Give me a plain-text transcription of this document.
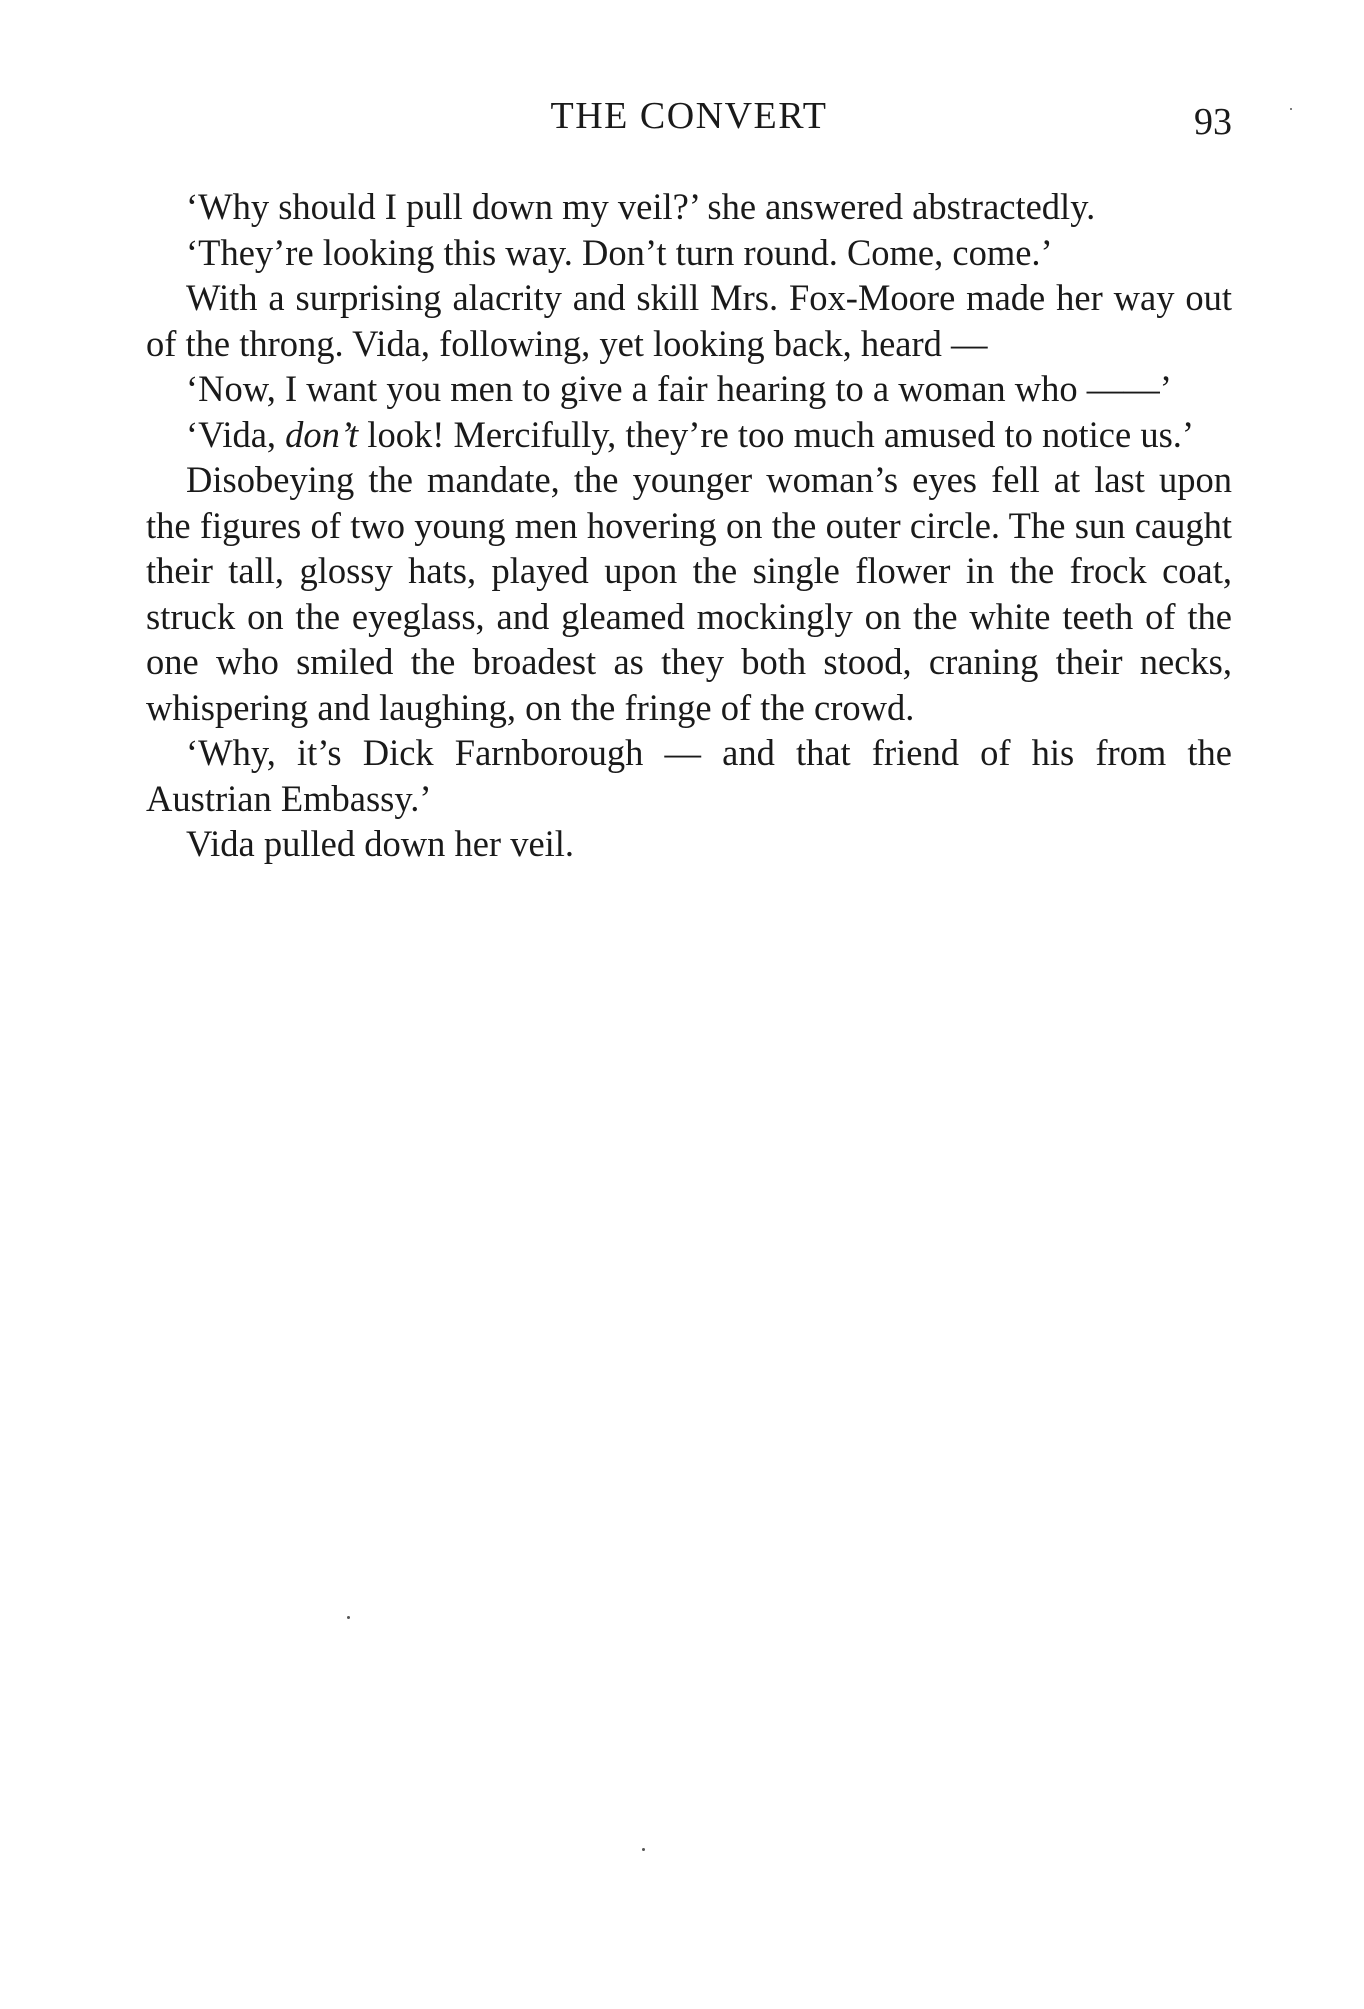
THE CONVERT	93

‘Why should I pull down my veil?’ she answered abstractedly.

‘They’re looking this way. Don’t turn round. Come, come.’

With a surprising alacrity and skill Mrs. Fox-Moore made her way out of the throng. Vida, following, yet looking back, heard —

‘Now, I want you men to give a fair hearing to a woman who ——’

‘Vida, don’t look! Mercifully, they’re too much amused to notice us.’

Disobeying the mandate, the younger woman’s eyes fell at last upon the figures of two young men hovering on the outer circle. The sun caught their tall, glossy hats, played upon the single flower in the frock coat, struck on the eyeglass, and gleamed mockingly on the white teeth of the one who smiled the broadest as they both stood, craning their necks, whispering and laughing, on the fringe of the crowd.

‘Why, it’s Dick Farnborough — and that friend of his from the Austrian Embassy.’

Vida pulled down her veil.
